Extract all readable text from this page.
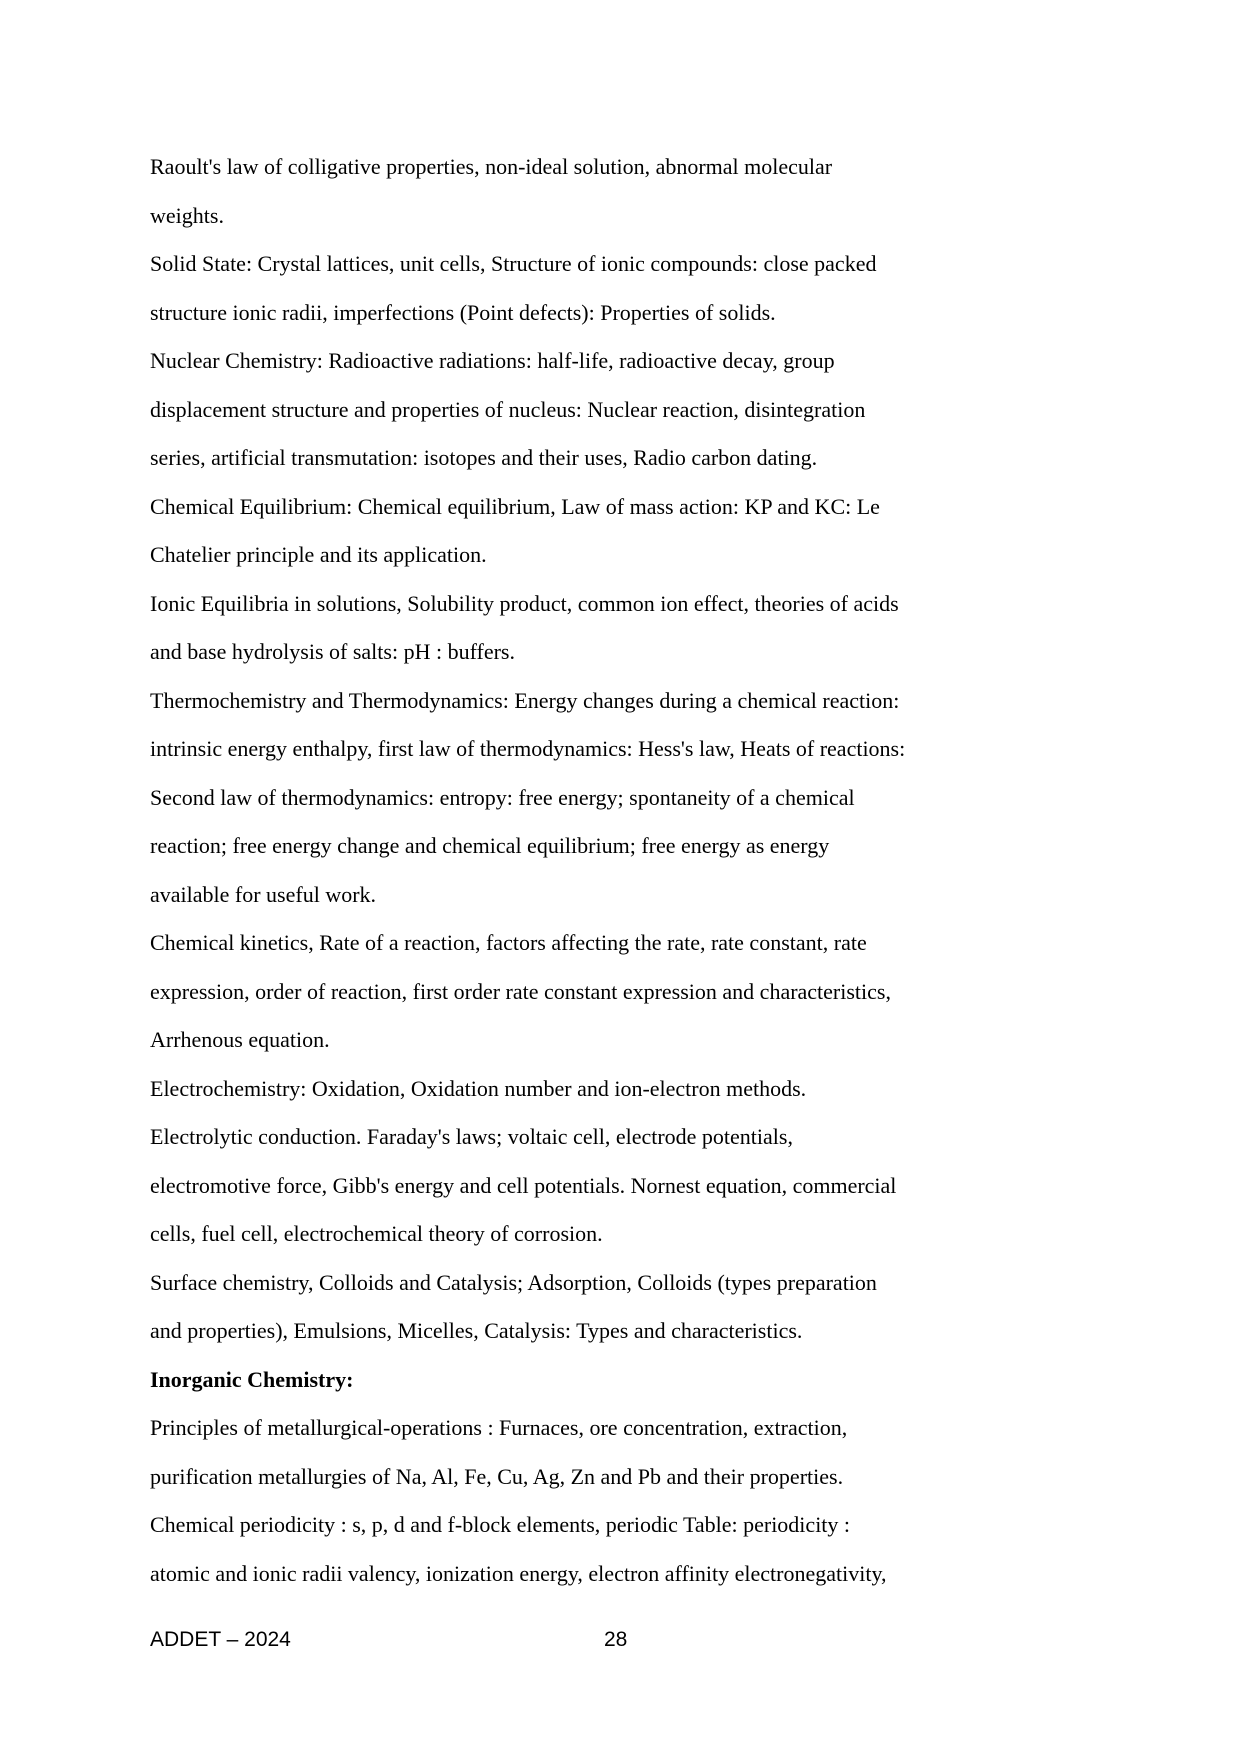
Raoult's law of colligative properties, non-ideal solution, abnormal molecular
weights.
Solid State: Crystal lattices, unit cells, Structure of ionic compounds: close packed
structure ionic radii, imperfections (Point defects): Properties of solids.
Nuclear Chemistry: Radioactive radiations: half-life, radioactive decay, group
displacement structure and properties of nucleus: Nuclear reaction, disintegration
series, artificial transmutation: isotopes and their uses, Radio carbon dating.
Chemical Equilibrium: Chemical equilibrium, Law of mass action: KP and KC: Le
Chatelier principle and its application.
Ionic Equilibria in solutions, Solubility product, common ion effect, theories of acids
and base hydrolysis of salts: pH : buffers.
Thermochemistry and Thermodynamics: Energy changes during a chemical reaction:
intrinsic energy enthalpy, first law of thermodynamics: Hess's law, Heats of reactions:
Second law of thermodynamics: entropy: free energy; spontaneity of a chemical
reaction; free energy change and chemical equilibrium; free energy as energy
available for useful work.
Chemical kinetics, Rate of a reaction, factors affecting the rate, rate constant, rate
expression, order of reaction, first order rate constant expression and characteristics,
Arrhenous equation.
Electrochemistry: Oxidation, Oxidation number and ion-electron methods.
Electrolytic conduction. Faraday's laws; voltaic cell, electrode potentials,
electromotive force, Gibb's energy and cell potentials. Nornest equation, commercial
cells, fuel cell, electrochemical theory of corrosion.
Surface chemistry, Colloids and Catalysis; Adsorption, Colloids (types preparation
and properties), Emulsions, Micelles, Catalysis: Types and characteristics.
Inorganic Chemistry:
Principles of metallurgical-operations : Furnaces, ore concentration, extraction,
purification metallurgies of Na, Al, Fe, Cu, Ag, Zn and Pb and their properties.
Chemical periodicity : s, p, d and f-block elements, periodic Table: periodicity :
atomic and ionic radii valency, ionization energy, electron affinity electronegativity,
ADDET – 2024	28
